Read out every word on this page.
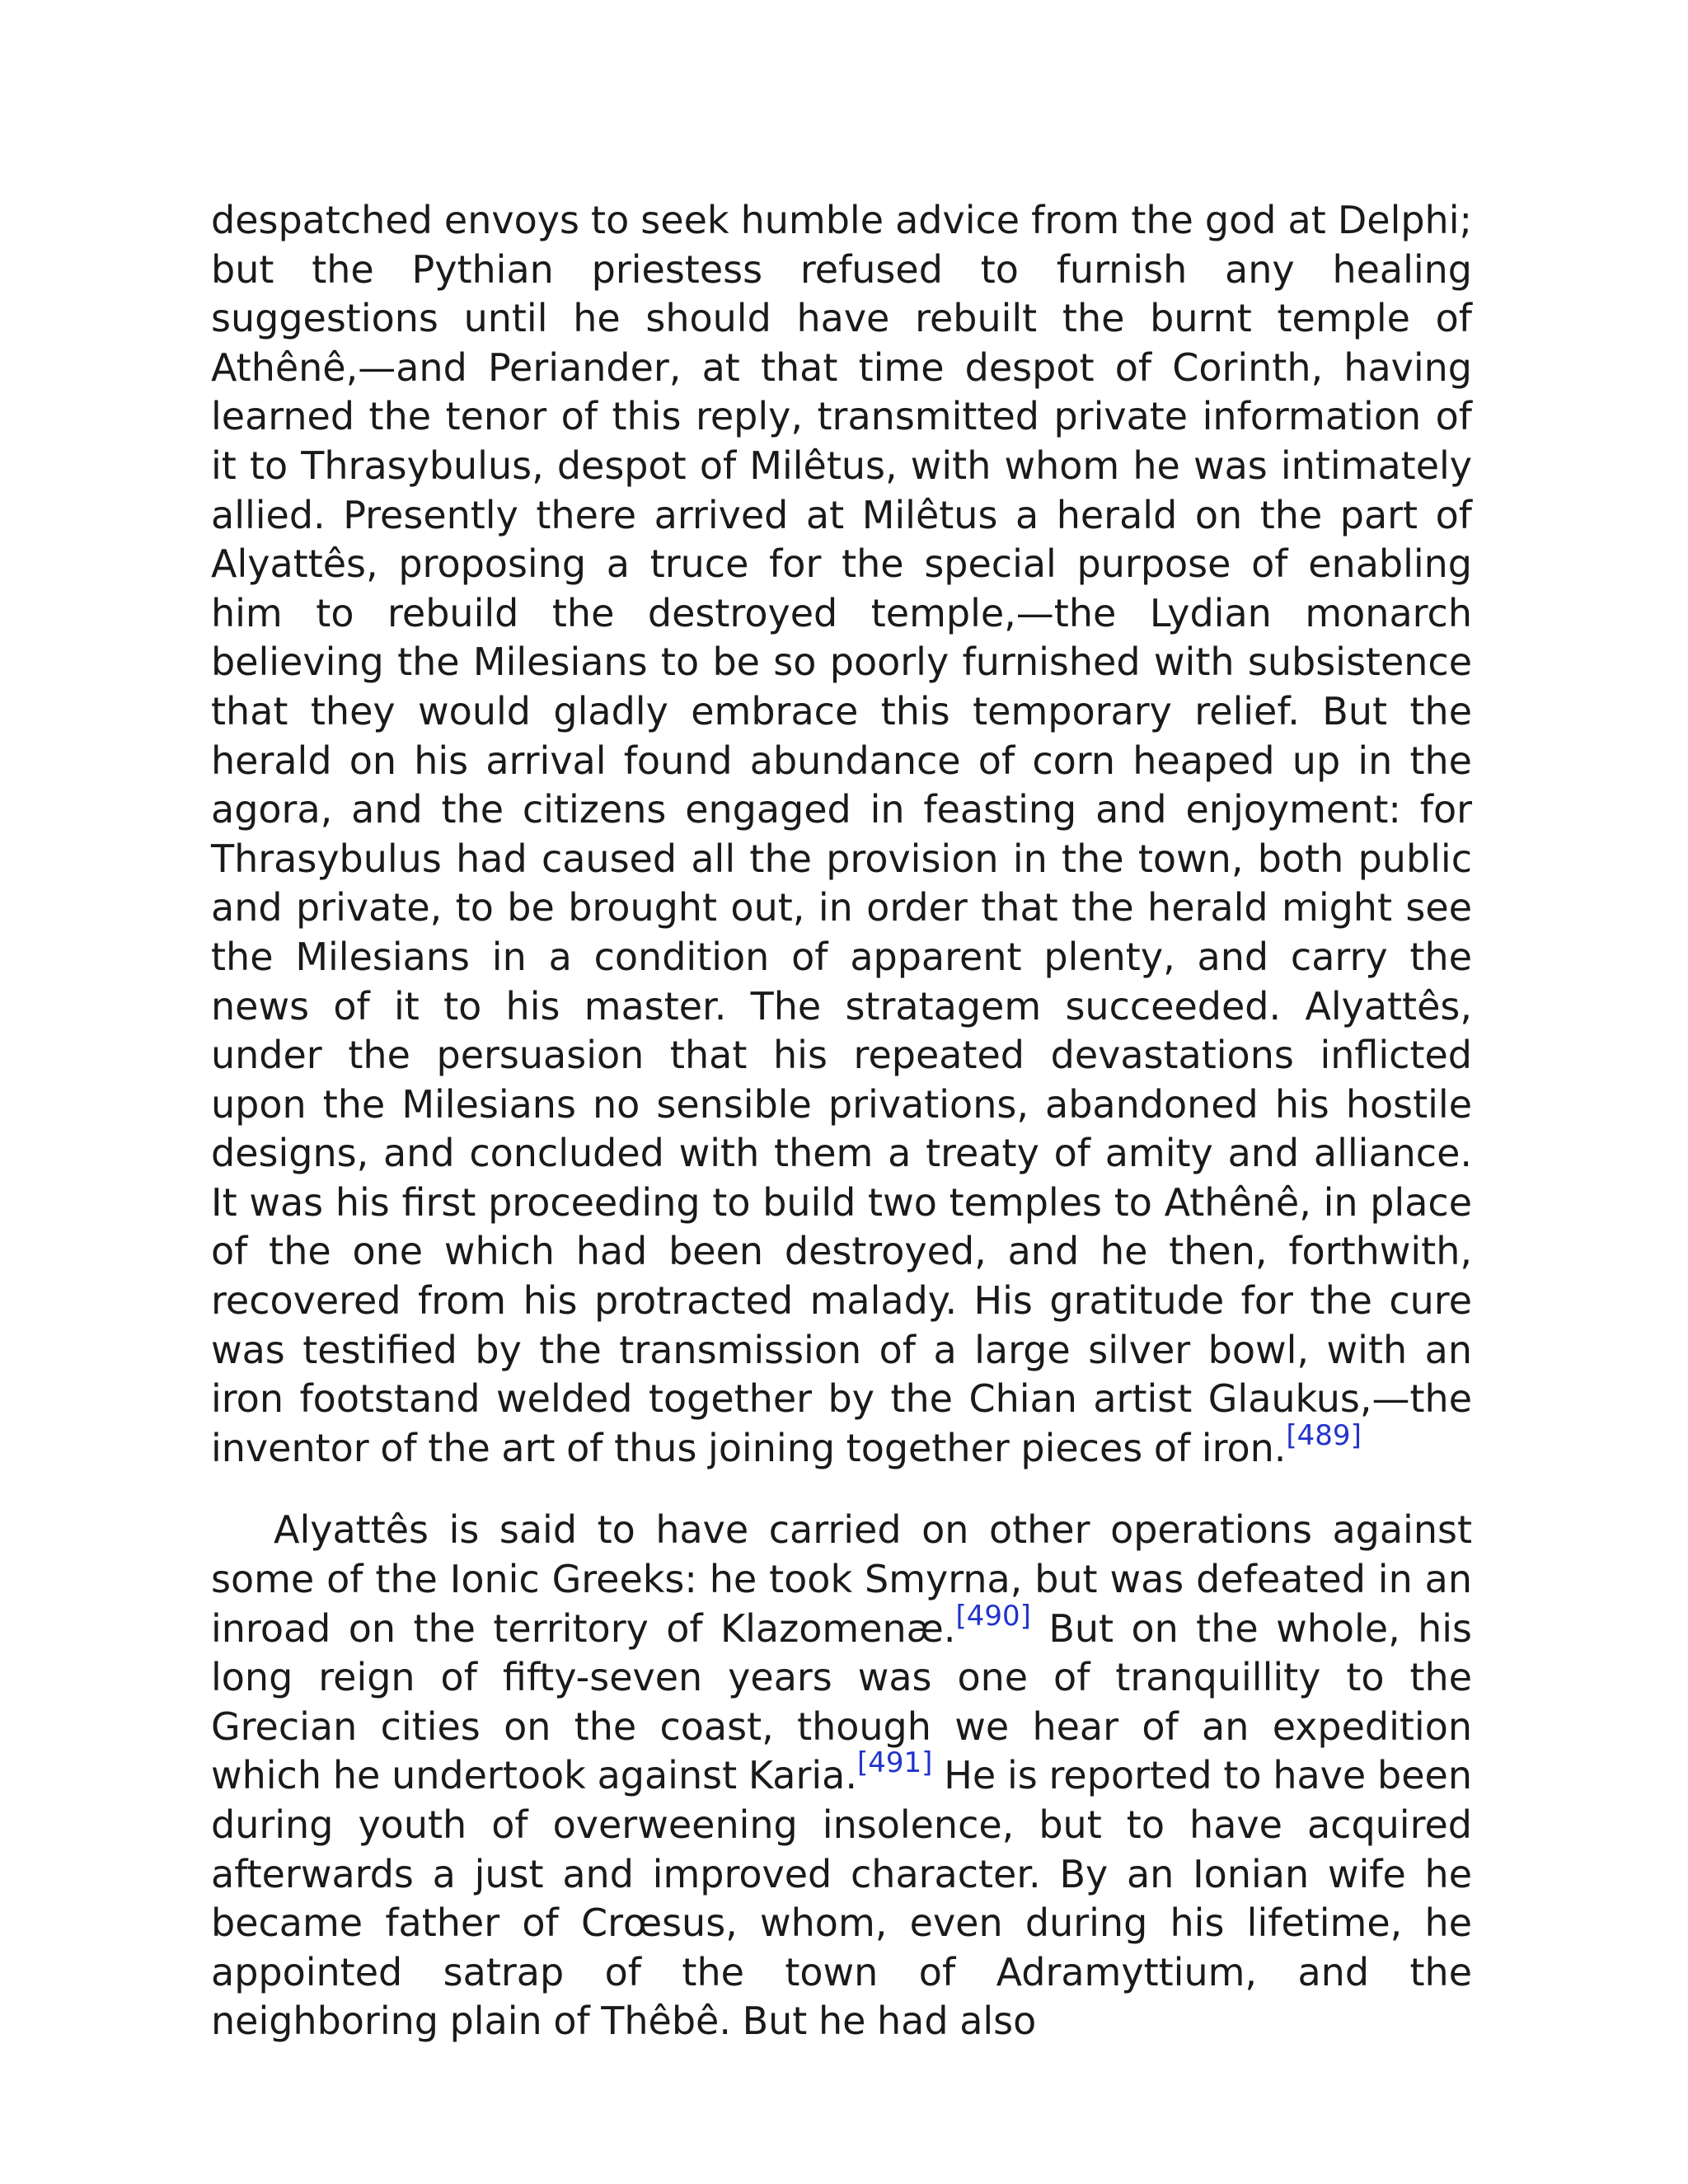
despatched envoys to seek humble advice from the god at Delphi; but the Pythian priestess refused to furnish any healing suggestions until he should have rebuilt the burnt temple of Athênê,—and Periander, at that time despot of Corinth, having learned the tenor of this reply, transmitted private information of it to Thrasybulus, despot of Milêtus, with whom he was intimately allied. Presently there arrived at Milêtus a herald on the part of Alyattês, proposing a truce for the special purpose of enabling him to rebuild the destroyed temple,—the Lydian monarch believing the Milesians to be so poorly furnished with subsistence that they would gladly embrace this temporary relief. But the herald on his arrival found abundance of corn heaped up in the agora, and the citizens engaged in feasting and enjoyment: for Thrasybulus had caused all the provision in the town, both public and private, to be brought out, in order that the herald might see the Milesians in a condition of apparent plenty, and carry the news of it to his master. The stratagem succeeded. Alyattês, under the persuasion that his repeated devastations inflicted upon the Milesians no sensible privations, abandoned his hostile designs, and concluded with them a treaty of amity and alliance. It was his first proceeding to build two temples to Athênê, in place of the one which had been destroyed, and he then, forthwith, recovered from his protracted malady. His gratitude for the cure was testified by the transmission of a large silver bowl, with an iron footstand welded together by the Chian artist Glaukus,—the inventor of the art of thus joining together pieces of iron.[489]

Alyattês is said to have carried on other operations against some of the Ionic Greeks: he took Smyrna, but was defeated in an inroad on the territory of Klazomenæ.[490] But on the whole, his long reign of fifty-seven years was one of tranquillity to the Grecian cities on the coast, though we hear of an expedition which he undertook against Karia.[491] He is reported to have been during youth of overweening insolence, but to have acquired afterwards a just and improved character. By an Ionian wife he became father of Crœsus, whom, even during his lifetime, he appointed satrap of the town of Adramyttium, and the neighboring plain of Thêbê. But he had also
